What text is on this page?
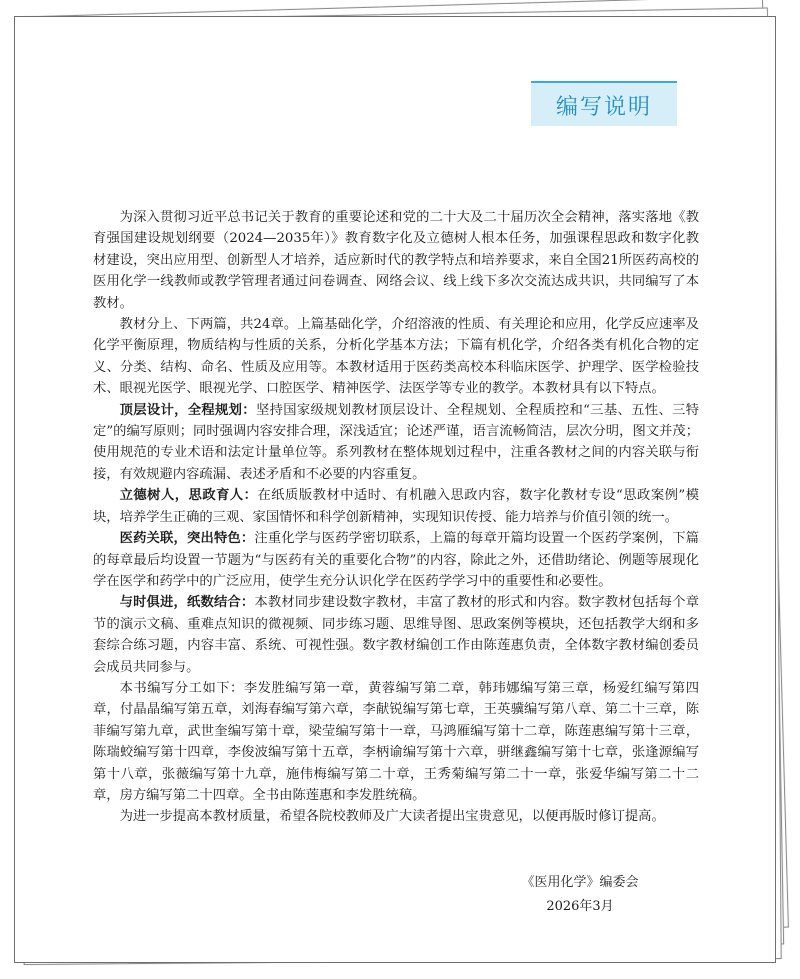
编写说明

为深入贯彻习近平总书记关于教育的重要论述和党的二十大及二十届历次全会精神，落实落地《教育强国建设规划纲要（2024—2035年）》教育数字化及立德树人根本任务，加强课程思政和数字化教材建设，突出应用型、创新型人才培养，适应新时代的教学特点和培养要求，来自全国21所医药高校的医用化学一线教师或教学管理者通过问卷调查、网络会议、线上线下多次交流达成共识，共同编写了本教材。

教材分上、下两篇，共24章。上篇基础化学，介绍溶液的性质、有关理论和应用，化学反应速率及化学平衡原理，物质结构与性质的关系，分析化学基本方法；下篇有机化学，介绍各类有机化合物的定义、分类、结构、命名、性质及应用等。本教材适用于医药类高校本科临床医学、护理学、医学检验技术、眼视光医学、眼视光学、口腔医学、精神医学、法医学等专业的教学。本教材具有以下特点。

顶层设计，全程规划：坚持国家级规划教材顶层设计、全程规划、全程质控和“三基、五性、三特定”的编写原则；同时强调内容安排合理，深浅适宜；论述严谨，语言流畅简洁，层次分明，图文并茂；使用规范的专业术语和法定计量单位等。系列教材在整体规划过程中，注重各教材之间的内容关联与衔接，有效规避内容疏漏、表述矛盾和不必要的内容重复。

立德树人，思政育人：在纸质版教材中适时、有机融入思政内容，数字化教材专设“思政案例”模块，培养学生正确的三观、家国情怀和科学创新精神，实现知识传授、能力培养与价值引领的统一。

医药关联，突出特色：注重化学与医药学密切联系，上篇的每章开篇均设置一个医药学案例，下篇的每章最后均设置一节题为“与医药有关的重要化合物”的内容，除此之外，还借助绪论、例题等展现化学在医学和药学中的广泛应用，使学生充分认识化学在医药学学习中的重要性和必要性。

与时俱进，纸数结合：本教材同步建设数字教材，丰富了教材的形式和内容。数字教材包括每个章节的演示文稿、重难点知识的微视频、同步练习题、思维导图、思政案例等模块，还包括教学大纲和多套综合练习题，内容丰富、系统、可视性强。数字教材编创工作由陈莲惠负责，全体数字教材编创委员会成员共同参与。

本书编写分工如下：李发胜编写第一章，黄蓉编写第二章，韩玮娜编写第三章，杨爱红编写第四章，付晶晶编写第五章，刘海春编写第六章，李献锐编写第七章，王英骥编写第八章、第二十三章，陈菲编写第九章，武世奎编写第十章，梁莹编写第十一章，马鸿雁编写第十二章，陈莲惠编写第十三章，陈瑞蛟编写第十四章，李俊波编写第十五章，李柄谕编写第十六章，骈继鑫编写第十七章，张逢源编写第十八章，张薇编写第十九章，施伟梅编写第二十章，王秀菊编写第二十一章，张爱华编写第二十二章，房方编写第二十四章。全书由陈莲惠和李发胜统稿。

为进一步提高本教材质量，希望各院校教师及广大读者提出宝贵意见，以便再版时修订提高。

《医用化学》编委会
2026年3月
